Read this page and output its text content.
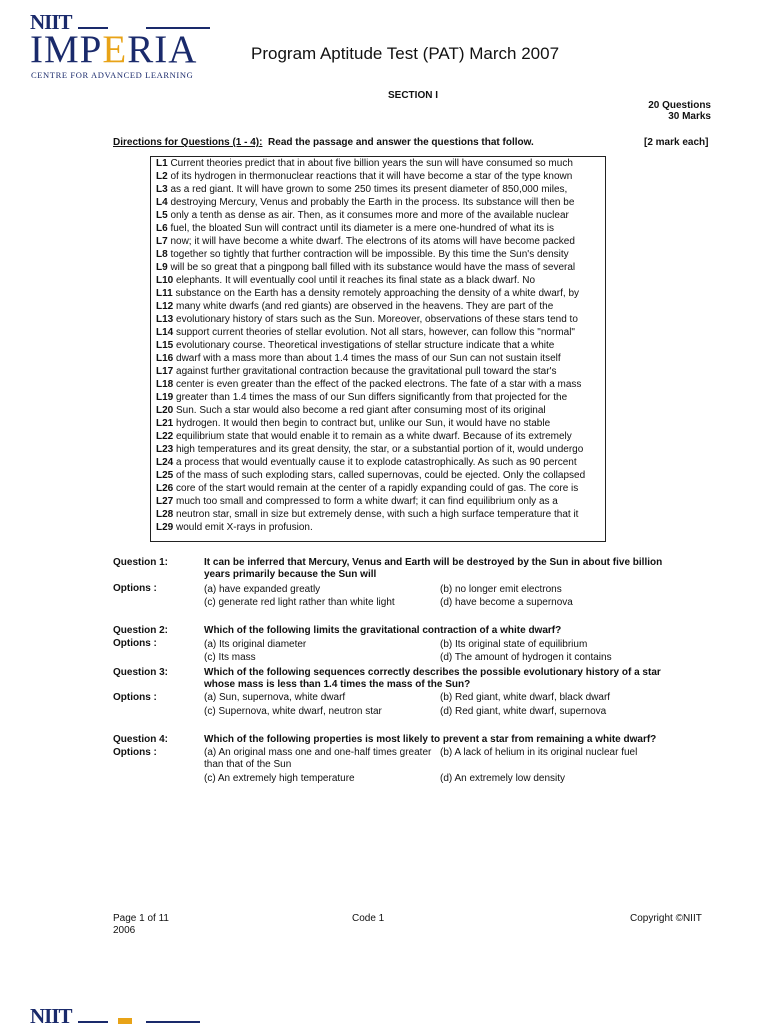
NIIT
IMPERIA
CENTRE FOR ADVANCED LEARNING
Program Aptitude Test (PAT) March 2007
SECTION I
20 Questions
30 Marks
Directions for Questions (1 - 4): Read the passage and answer the questions that follow.	[2 mark each]
L1 Current theories predict that in about five billion years the sun will have consumed so much
L2 of its hydrogen in thermonuclear reactions that it will have become a star of the type known
L3 as a red giant. It will have grown to some 250 times its present diameter of 850,000 miles,
L4 destroying Mercury, Venus and probably the Earth in the process. Its substance will then be
L5 only a tenth as dense as air. Then, as it consumes more and more of the available nuclear
L6 fuel, the bloated Sun will contract until its diameter is a mere one-hundred of what its is
L7 now; it will have become a white dwarf. The electrons of its atoms will have become packed
L8 together so tightly that further contraction will be impossible. By this time the Sun's density
L9 will be so great that a pingpong ball filled with its substance would have the mass of several
L10 elephants. It will eventually cool until it reaches its final state as a black dwarf. No
L11 substance on the Earth has a density remotely approaching the density of a white dwarf, by
L12 many white dwarfs (and red giants) are observed in the heavens. They are part of the
L13 evolutionary history of stars such as the Sun. Moreover, observations of these stars tend to
L14 support current theories of stellar evolution. Not all stars, however, can follow this "normal"
L15 evolutionary course. Theoretical investigations of stellar structure indicate that a white
L16 dwarf with a mass more than about 1.4 times the mass of our Sun can not sustain itself
L17 against further gravitational contraction because the gravitational pull toward the star's
L18 center is even greater than the effect of the packed electrons. The fate of a star with a mass
L19 greater than 1.4 times the mass of our Sun differs significantly from that projected for the
L20 Sun. Such a star would also become a red giant after consuming most of its original
L21 hydrogen. It would then begin to contract but, unlike our Sun, it would have no stable
L22 equilibrium state that would enable it to remain as a white dwarf. Because of its extremely
L23 high temperatures and its great density, the star, or a substantial portion of it, would undergo
L24 a process that would eventually cause it to explode catastrophically. As such as 90 percent
L25 of the mass of such exploding stars, called supernovas, could be ejected. Only the collapsed
L26 core of the start would remain at the center of a rapidly expanding could of gas. The core is
L27 much too small and compressed to form a white dwarf; it can find equilibrium only as a
L28 neutron star, small in size but extremely dense, with such a high surface temperature that it
L29 would emit X-rays in profusion.
Question 1:	It can be inferred that Mercury, Venus and Earth will be destroyed by the Sun in about five billion
years primarily because the Sun will
Options :	(a) have expanded greatly	(b) no longer emit electrons
(c) generate red light rather than white light	(d) have become a supernova
Question 2:	Which of the following limits the gravitational contraction of a white dwarf?
Options :	(a) Its original diameter	(b) Its original state of equilibrium
(c) Its mass	(d) The amount of hydrogen it contains
Question 3:	Which of the following sequences correctly describes the possible evolutionary history of a star
whose mass is less than 1.4 times the mass of the Sun?
Options :	(a) Sun, supernova, white dwarf	(b) Red giant, white dwarf, black dwarf
(c) Supernova, white dwarf, neutron star	(d) Red giant, white dwarf, supernova
Question 4:	Which of the following properties is most likely to prevent a star from remaining a white dwarf?
Options :	(a) An original mass one and one-half times greater
than that of the Sun
(b) A lack of helium in its original nuclear fuel
(c) An extremely high temperature	(d) An extremely low density
Page 1 of 11
2006
Code 1	Copyright ©NIIT
NIIT
